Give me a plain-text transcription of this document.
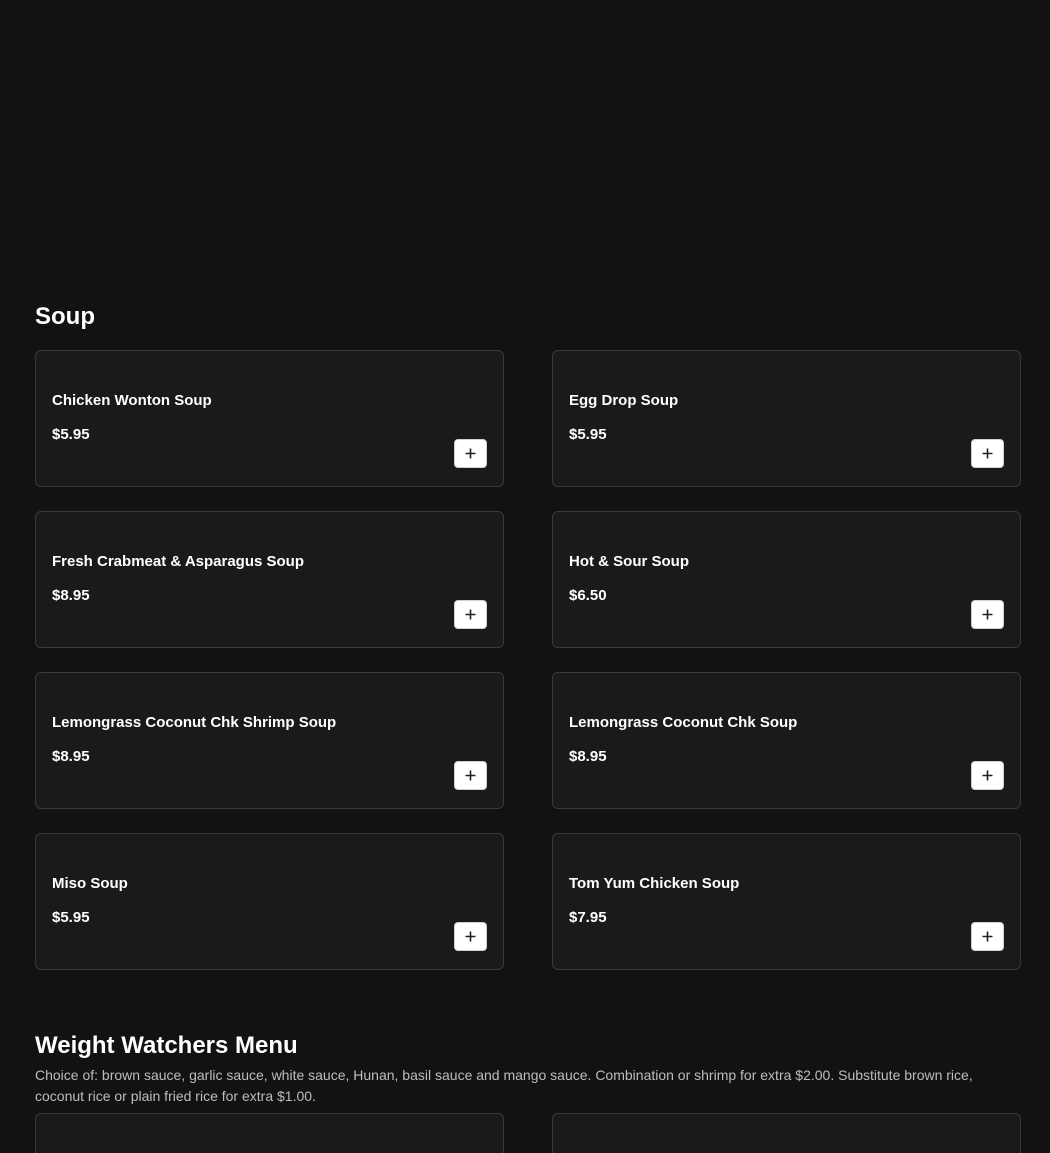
Soup
Chicken Wonton Soup
$5.95
Egg Drop Soup
$5.95
Fresh Crabmeat & Asparagus Soup
$8.95
Hot & Sour Soup
$6.50
Lemongrass Coconut Chk Shrimp Soup
$8.95
Lemongrass Coconut Chk Soup
$8.95
Miso Soup
$5.95
Tom Yum Chicken Soup
$7.95
Weight Watchers Menu

Choice of: brown sauce, garlic sauce, white sauce, Hunan, basil sauce and mango sauce. Combination or shrimp for extra $2.00. Substitute brown rice, coconut rice or plain fried rice for extra $1.00.
